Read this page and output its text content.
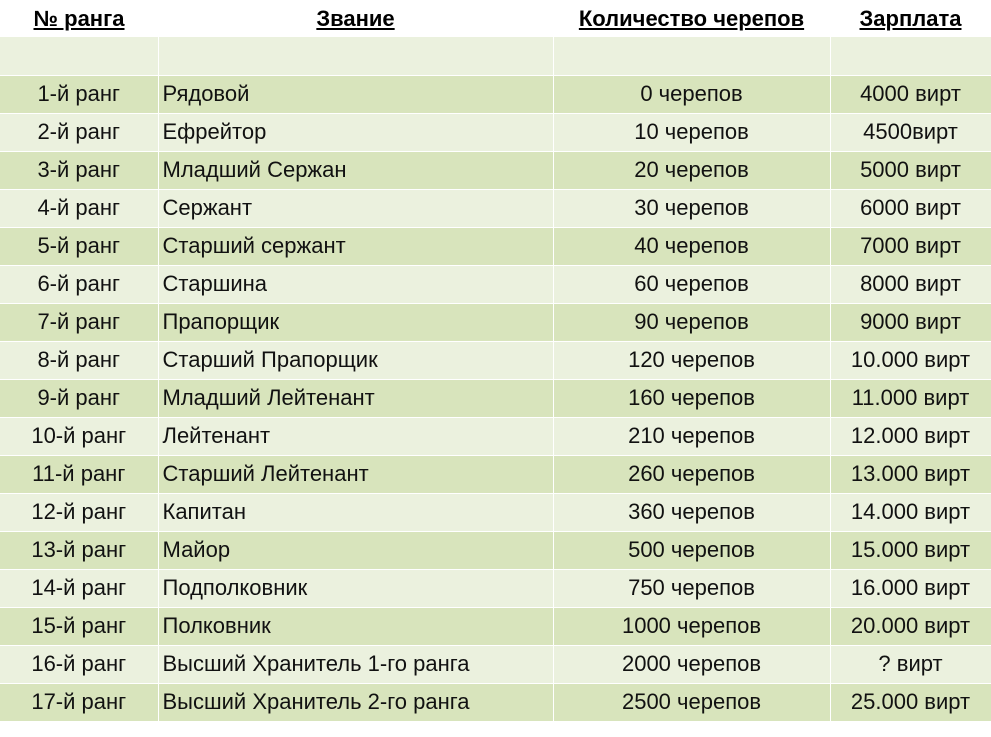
№ ранга	Звание	Количество черепов	Зарплата

1-й ранг	Рядовой	0 черепов	4000 вирт
2-й ранг	Ефрейтор	10 черепов	4500вирт
3-й ранг	Младший Сержан	20 черепов	5000 вирт
4-й ранг	Сержант	30 черепов	6000 вирт
5-й ранг	Старший сержант	40 черепов	7000 вирт
6-й ранг	Старшина	60 черепов	8000 вирт
7-й ранг	Прапорщик	90 черепов	9000 вирт
8-й ранг	Старший Прапорщик	120 черепов	10.000 вирт
9-й ранг	Младший Лейтенант	160 черепов	11.000 вирт
10-й ранг	Лейтенант	210 черепов	12.000 вирт
11-й ранг	Старший Лейтенант	260 черепов	13.000 вирт
12-й ранг	Капитан	360 черепов	14.000 вирт
13-й ранг	Майор	500 черепов	15.000 вирт
14-й ранг	Подполковник	750 черепов	16.000 вирт
15-й ранг	Полковник	1000 черепов	20.000 вирт
16-й ранг	Высший Хранитель 1-го ранга	2000 черепов	? вирт
17-й ранг	Высший Хранитель 2-го ранга	2500 черепов	25.000 вирт
